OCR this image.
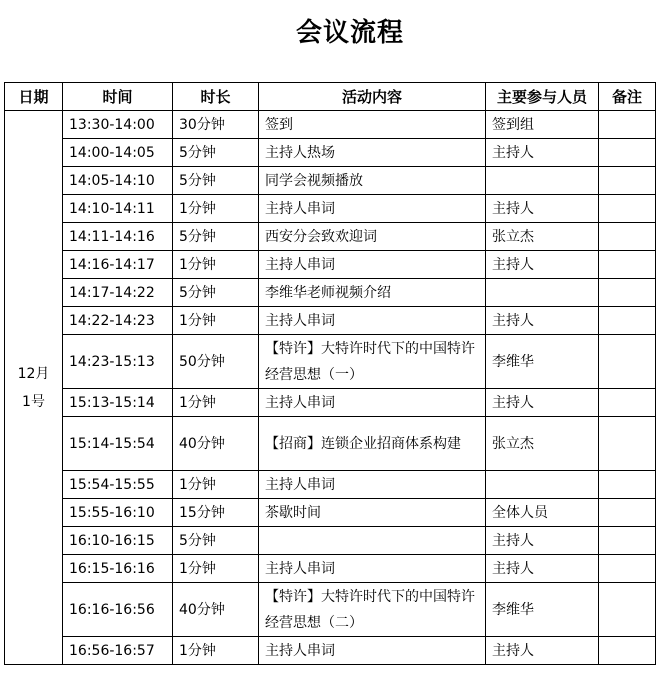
会议流程
日期	时间	时长	活动内容	主要参与人员	备注

12月
1号	13:30-14:00	30分钟	签到	签到组	
	14:00-14:05	5分钟	主持人热场	主持人	
	14:05-14:10	5分钟	同学会视频播放		
	14:10-14:11	1分钟	主持人串词	主持人	
	14:11-14:16	5分钟	西安分会致欢迎词	张立杰	
	14:16-14:17	1分钟	主持人串词	主持人	
	14:17-14:22	5分钟	李维华老师视频介绍		
	14:22-14:23	1分钟	主持人串词	主持人	
	14:23-15:13	50分钟	【特许】大特许时代下的中国特许经营思想（一）	李维华	
	15:13-15:14	1分钟	主持人串词	主持人	
	15:14-15:54	40分钟	【招商】连锁企业招商体系构建	张立杰	
	15:54-15:55	1分钟	主持人串词		
	15:55-16:10	15分钟	茶歇时间	全体人员	
	16:10-16:15	5分钟		主持人	
	16:15-16:16	1分钟	主持人串词	主持人	
	16:16-16:56	40分钟	【特许】大特许时代下的中国特许经营思想（二）	李维华	
	16:56-16:57	1分钟	主持人串词	主持人	
